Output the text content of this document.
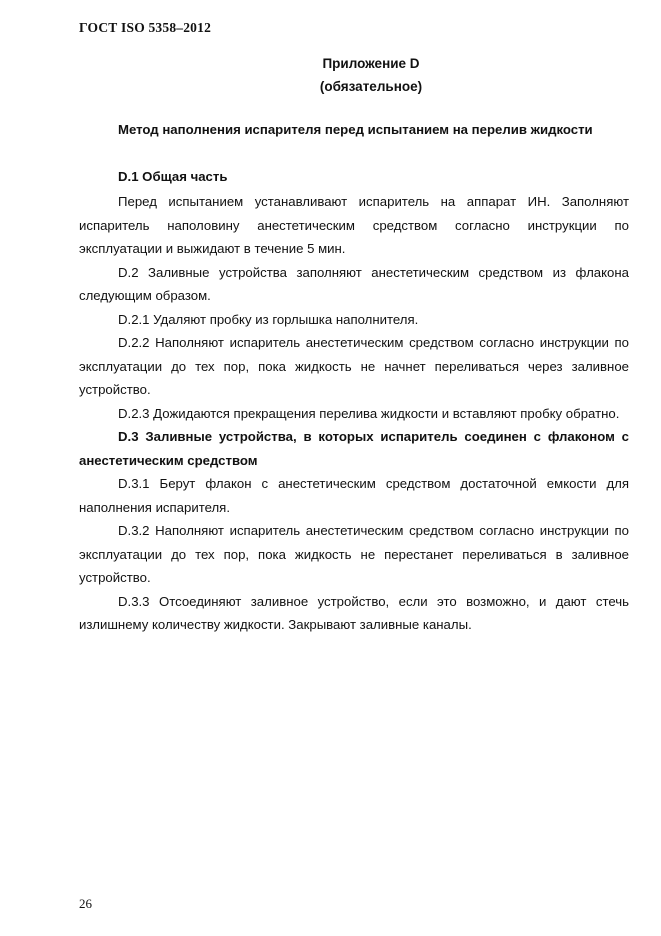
ГОСТ ISO 5358–2012
Приложение D
(обязательное)
Метод наполнения испарителя перед испытанием на перелив жидкости
D.1 Общая часть

Перед испытанием устанавливают испаритель на аппарат ИН. Заполняют испаритель наполовину анестетическим средством согласно инструкции по эксплуатации и выжидают в течение 5 мин.

D.2 Заливные устройства заполняют анестетическим средством из флакона следующим образом.

D.2.1 Удаляют пробку из горлышка наполнителя.

D.2.2 Наполняют испаритель анестетическим средством согласно инструкции по эксплуатации до тех пор, пока жидкость не начнет переливаться через заливное устройство.

D.2.3 Дожидаются прекращения перелива жидкости и вставляют пробку обратно.

D.3 Заливные устройства, в которых испаритель соединен с флаконом с анестетическим средством

D.3.1 Берут флакон с анестетическим средством достаточной емкости для наполнения испарителя.

D.3.2 Наполняют испаритель анестетическим средством согласно инструкции по эксплуатации до тех пор, пока жидкость не перестанет переливаться в заливное устройство.

D.3.3 Отсоединяют заливное устройство, если это возможно, и дают стечь излишнему количеству жидкости. Закрывают заливные каналы.

26
